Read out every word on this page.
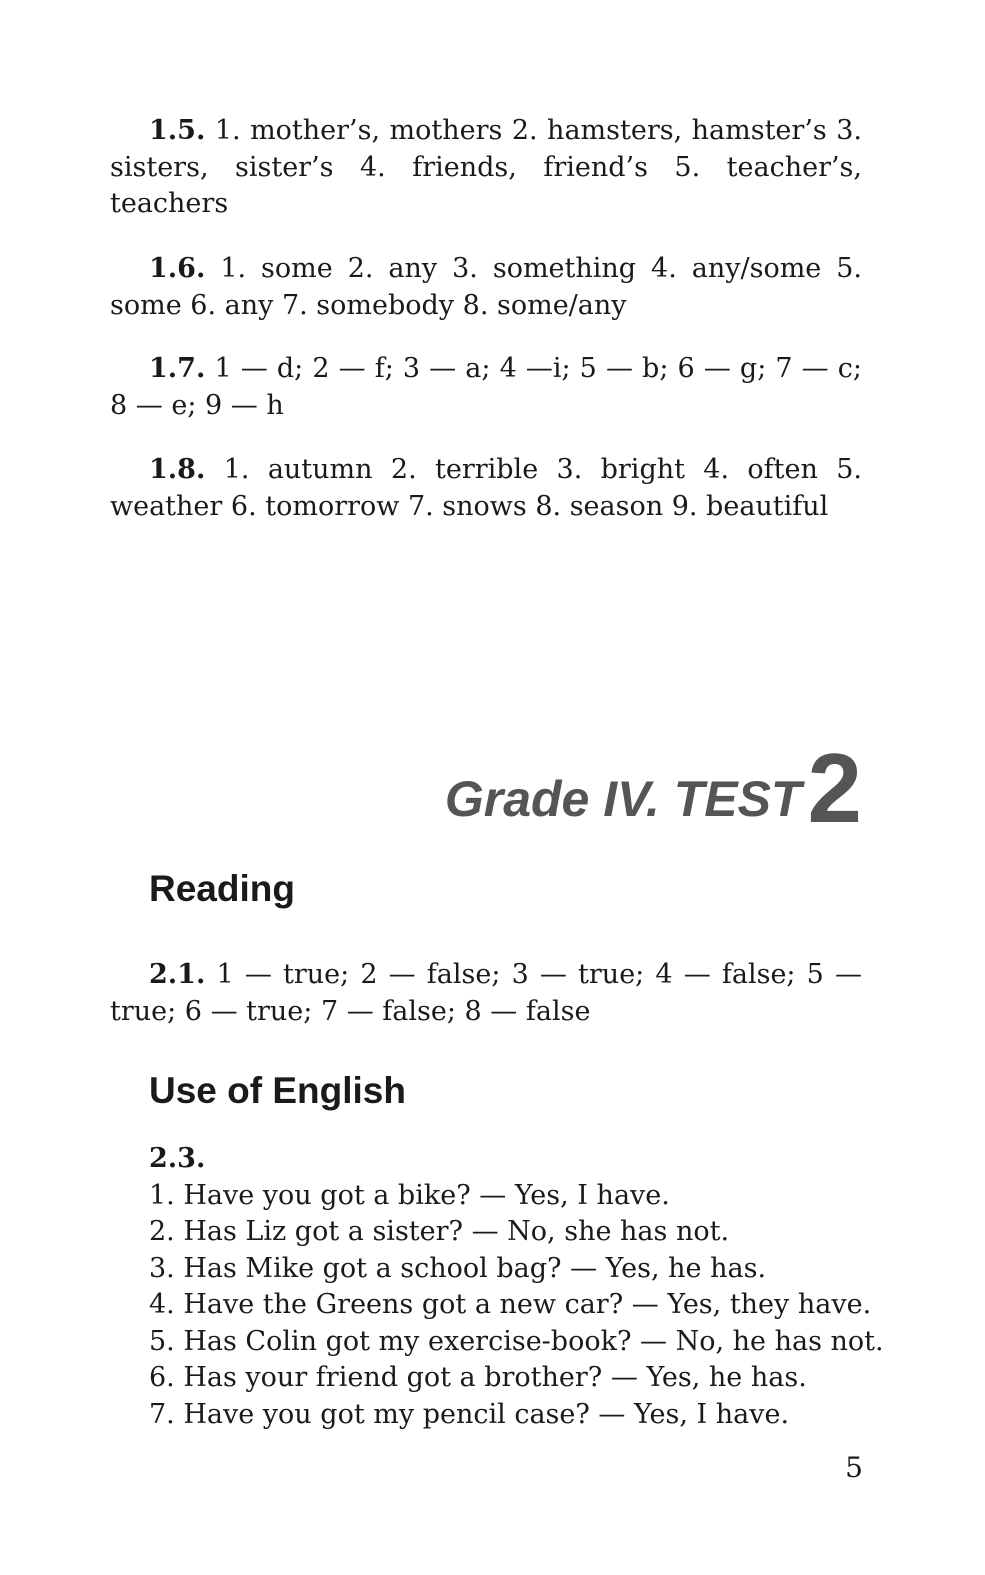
1.5. 1. mother’s, mothers 2. hamsters, hamster’s 3. sisters, sister’s 4. friends, friend’s 5. teacher’s, teachers

1.6. 1. some 2. any 3. something 4. any/some 5. some 6. any 7. somebody 8. some/any

1.7. 1 — d; 2 — f; 3 — a; 4 —i; 5 — b; 6 — g; 7 — c; 8 — e; 9 — h

1.8. 1. autumn 2. terrible 3. bright 4. often 5. weather 6. tomorrow 7. snows 8. season 9. beautiful

Grade IV. TEST2
Reading

2.1. 1 — true; 2 — false; 3 — true; 4 — false; 5 — true; 6 — true; 7 — false; 8 — false

Use of English
2.3.
1. Have you got a bike? — Yes, I have.
2. Has Liz got a sister? — No, she has not.
3. Has Mike got a school bag? — Yes, he has.
4. Have the Greens got a new car? — Yes, they have.
5. Has Colin got my exercise-book? — No, he has not.
6. Has your friend got a brother? — Yes, he has.
7. Have you got my pencil case? — Yes, I have.

5
